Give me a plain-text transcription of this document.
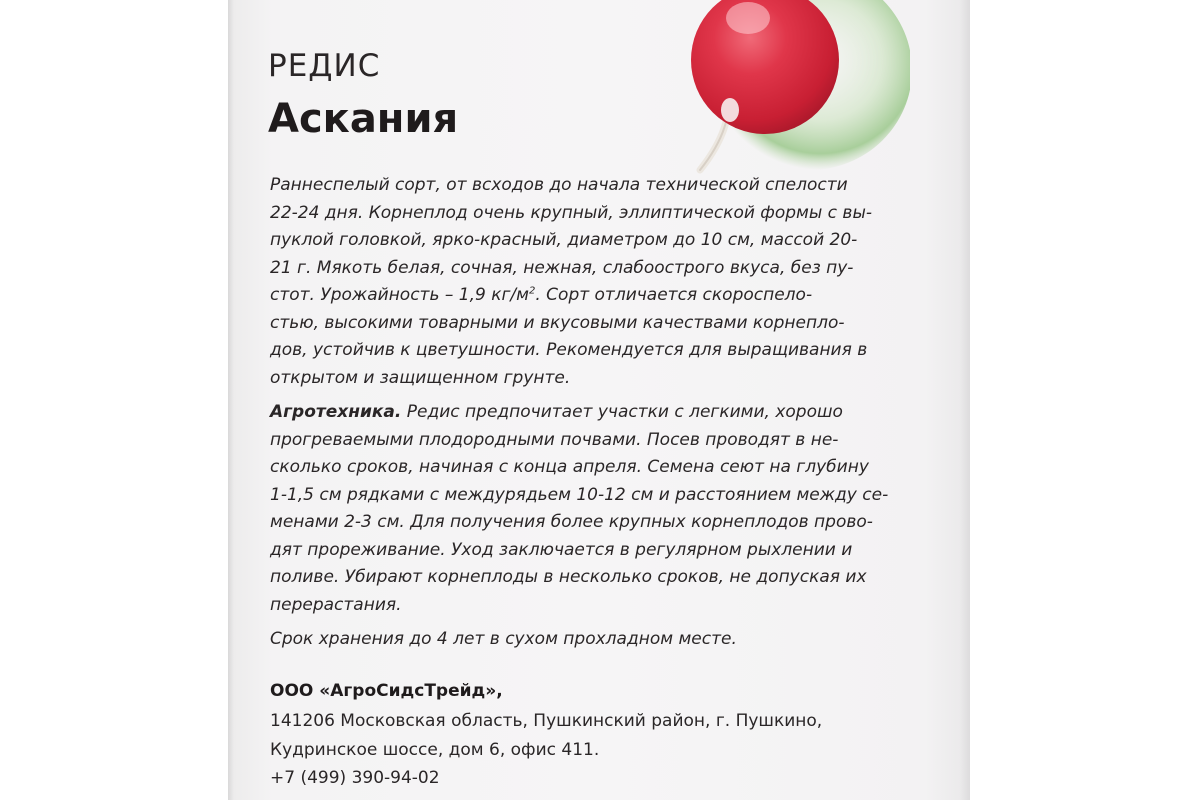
РЕДИС
Аскания
Раннеспелый сорт, от всходов до начала технической спелости
22-24 дня. Корнеплод очень крупный, эллиптической формы с вы-
пуклой головкой, ярко-красный, диаметром до 10 см, массой 20-
21 г. Мякоть белая, сочная, нежная, слабоострого вкуса, без пу-
стот. Урожайность – 1,9 $кг/м^2$. Сорт отличается скороспело-
стью, высокими товарными и вкусовыми качествами корнеплo-
дов, устойчив к цветушности. Рекомендуется для выращивания в
открытом и защищенном грунте.
Агротехника. Редис предпочитает участки с легкими, хорошо
прогреваемыми плодородными почвами. Посев проводят в не-
сколько сроков, начиная с конца апреля. Семена сеют на глубину
1-1,5 см рядками с междурядьем 10-12 см и расстоянием между се-
менами 2-3 см. Для получения более крупных корнеплодов прово-
дят прореживание. Уход заключается в регулярном рыхлении и
поливе. Убирают корнеплоды в несколько сроков, не допуская их
перерастания.
Срок хранения до 4 лет в сухом прохладном месте.
ООО «АгроСидсТрейд»,
141206 Московская область, Пушкинский район, г. Пушкино,
Кудринское шоссе, дом 6, офис 411.
+7 (499) 390-94-02
